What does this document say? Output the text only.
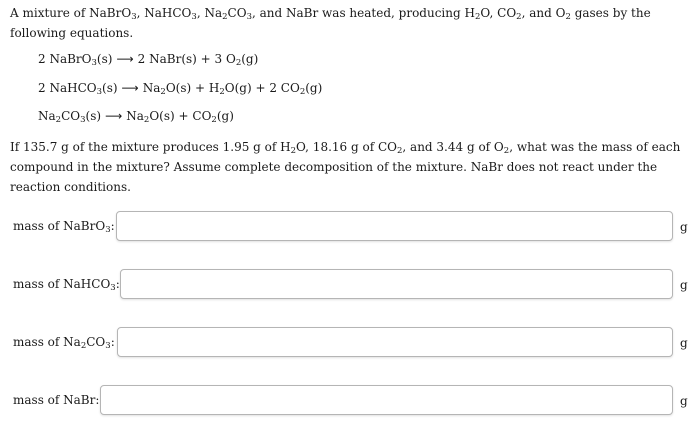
A mixture of NaBrO$_3$, NaHCO$_3$, $Na_2CO_3$, and NaBr was heated, producing $H_2O$, $CO_2$, and $O_2$ gases by the following equations.
2 NaBrO$_3$(s) ⟶ 2 NaBr(s) + 3 $O_2(g)$
2 NaHCO$_3$(s) ⟶ $Na_2O(s) + H_2O(g) + 2$ $CO_2(g)$
$Na_2CO_3(s)$ ⟶ $Na_2O(s) + CO_2(g)$
If 135.7 g of the mixture produces 1.95 g of $H_2O$, 18.16 g of $CO_2$, and 3.44 g of $O_2$, what was the mass of each compound in the mixture? Assume complete decomposition of the mixture. NaBr does not react under the reaction conditions.
mass of NaBrO$_3$:	g
mass of NaHCO$_3$:	g
mass of $Na_2CO_3$:	g
mass of NaBr:	g
